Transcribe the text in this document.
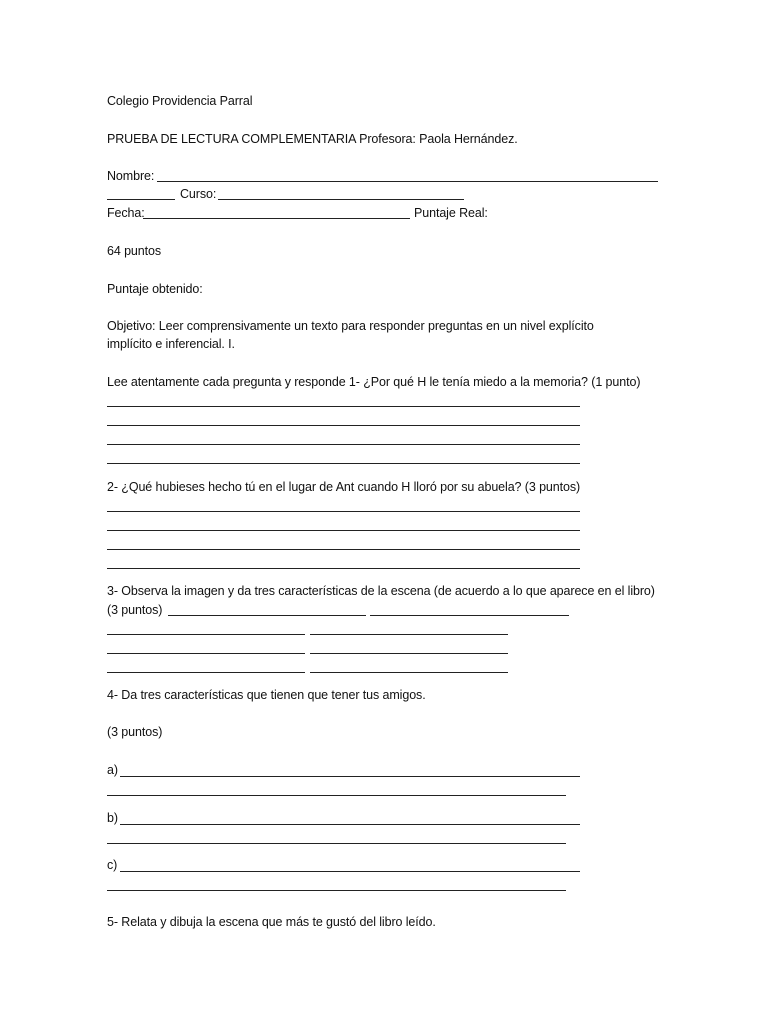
Colegio Providencia Parral
PRUEBA DE LECTURA COMPLEMENTARIA Profesora: Paola Hernández.
Nombre:
Curso:
Fecha:	Puntaje Real:
64 puntos
Puntaje obtenido:
Objetivo: Leer comprensivamente un texto para responder preguntas en un nivel explícito
implícito e inferencial. I.
Lee atentamente cada pregunta y responde 1- ¿Por qué H le tenía miedo a la memoria? (1 punto)
2- ¿Qué hubieses hecho tú en el lugar de Ant cuando H lloró por su abuela? (3 puntos)
3- Observa la imagen y da tres características de la escena (de acuerdo a lo que aparece en el libro)
(3 puntos)
4- Da tres características que tienen que tener tus amigos.
(3 puntos)
a)
b)
c)
5- Relata y dibuja la escena que más te gustó del libro leído.
